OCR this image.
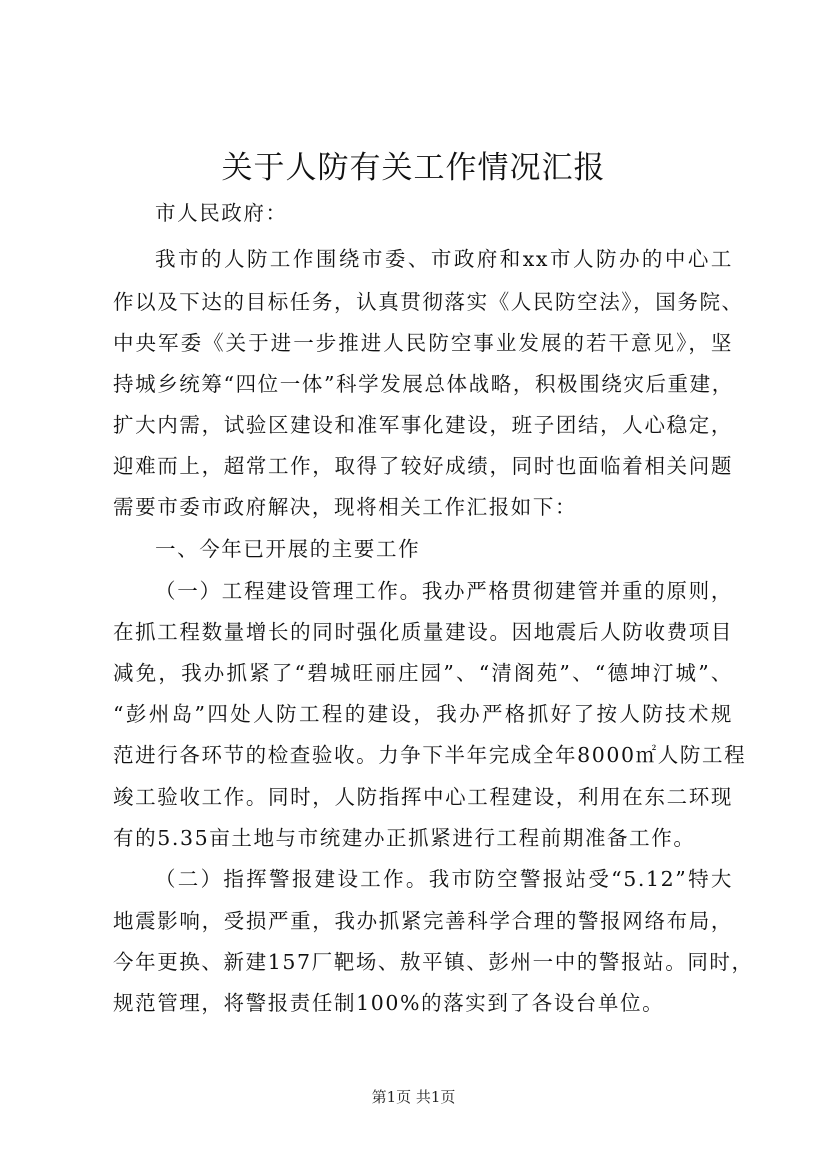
关于人防有关工作情况汇报
市人民政府：
我市的人防工作围绕市委、市政府和xx市人防办的中心工
作以及下达的目标任务，认真贯彻落实《人民防空法》，国务院、
中央军委《关于进一步推进人民防空事业发展的若干意见》，坚
持城乡统筹“四位一体”科学发展总体战略，积极围绕灾后重建，
扩大内需，试验区建设和准军事化建设，班子团结，人心稳定，
迎难而上，超常工作，取得了较好成绩，同时也面临着相关问题
需要市委市政府解决，现将相关工作汇报如下：
一、今年已开展的主要工作
（一）工程建设管理工作。我办严格贯彻建管并重的原则，
在抓工程数量增长的同时强化质量建设。因地震后人防收费项目
减免，我办抓紧了“碧城旺丽庄园”、“清阁苑”、“德坤汀城”、
“彭州岛”四处人防工程的建设，我办严格抓好了按人防技术规
范进行各环节的检查验收。力争下半年完成全年8000㎡人防工程
竣工验收工作。同时，人防指挥中心工程建设，利用在东二环现
有的5.35亩土地与市统建办正抓紧进行工程前期准备工作。
（二）指挥警报建设工作。我市防空警报站受“5.12”特大
地震影响，受损严重，我办抓紧完善科学合理的警报网络布局，
今年更换、新建157厂靶场、敖平镇、彭州一中的警报站。同时，
规范管理，将警报责任制100%的落实到了各设台单位。
第1页 共1页
